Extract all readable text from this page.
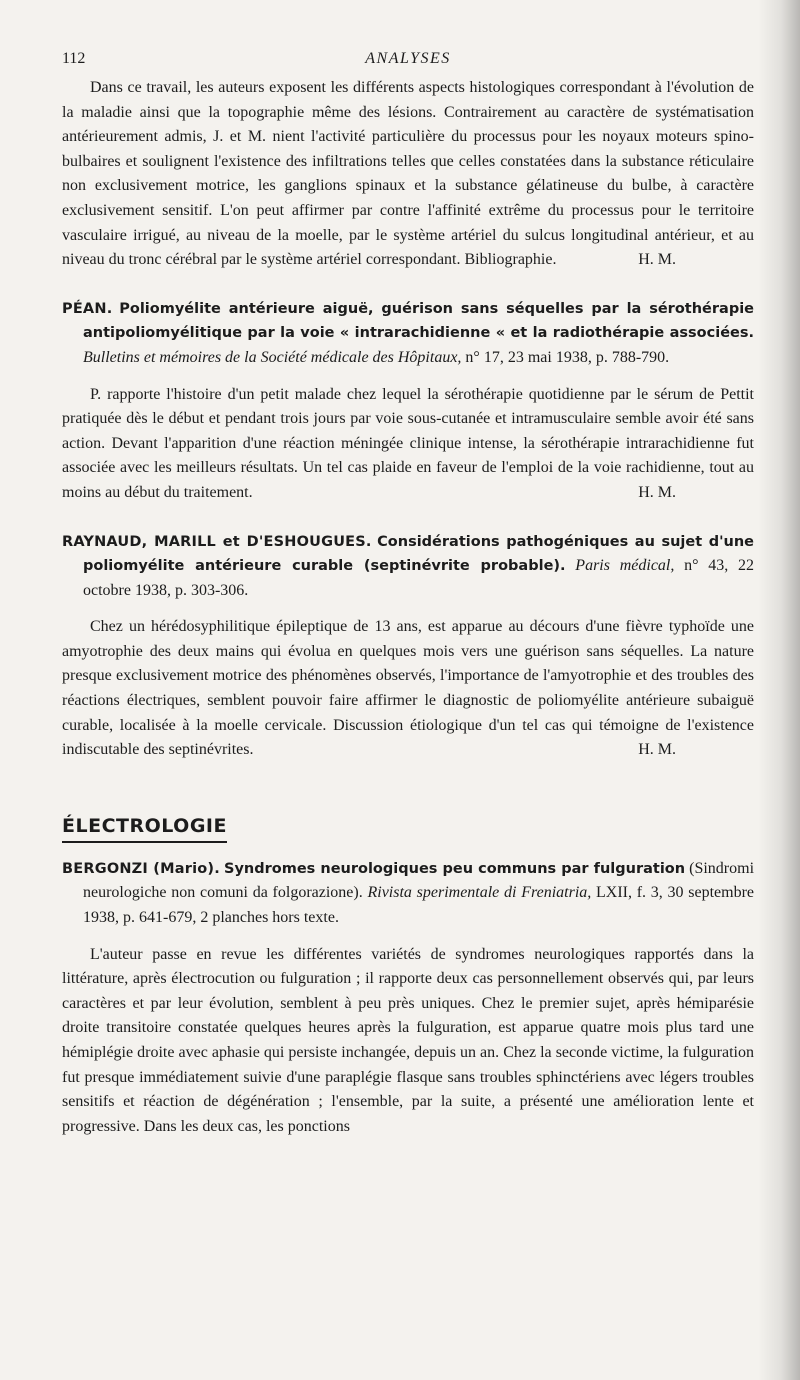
112	ANALYSES

Dans ce travail, les auteurs exposent les différents aspects histologiques correspondant à l'évolution de la maladie ainsi que la topographie même des lésions. Contrairement au caractère de systématisation antérieurement admis, J. et M. nient l'activité particulière du processus pour les noyaux moteurs spino-bulbaires et soulignent l'existence des infiltrations telles que celles constatées dans la substance réticulaire non exclusivement motrice, les ganglions spinaux et la substance gélatineuse du bulbe, à caractère exclusivement sensitif. L'on peut affirmer par contre l'affinité extrême du processus pour le territoire vasculaire irrigué, au niveau de la moelle, par le système artériel du sulcus longitudinal antérieur, et au niveau du tronc cérébral par le système artériel correspondant. Bibliographie.	H. M.

PÉAN. Poliomyélite antérieure aiguë, guérison sans séquelles par la sérothérapie antipoliomyélitique par la voie « intrarachidienne « et la radiothérapie associées. Bulletins et mémoires de la Société médicale des Hôpitaux, n° 17, 23 mai 1938, p. 788-790.

P. rapporte l'histoire d'un petit malade chez lequel la sérothérapie quotidienne par le sérum de Pettit pratiquée dès le début et pendant trois jours par voie sous-cutanée et intramusculaire semble avoir été sans action. Devant l'apparition d'une réaction méningée clinique intense, la sérothérapie intrarachidienne fut associée avec les meilleurs résultats. Un tel cas plaide en faveur de l'emploi de la voie rachidienne, tout au moins au début du traitement.	H. M.

RAYNAUD, MARILL et D'ESHOUGUES. Considérations pathogéniques au sujet d'une poliomyélite antérieure curable (septinévrite probable). Paris médical, n° 43, 22 octobre 1938, p. 303-306.

Chez un hérédosyphilitique épileptique de 13 ans, est apparue au décours d'une fièvre typhoïde une amyotrophie des deux mains qui évolua en quelques mois vers une guérison sans séquelles. La nature presque exclusivement motrice des phénomènes observés, l'importance de l'amyotrophie et des troubles des réactions électriques, semblent pouvoir faire affirmer le diagnostic de poliomyélite antérieure subaiguë curable, localisée à la moelle cervicale. Discussion étiologique d'un tel cas qui témoigne de l'existence indiscutable des septinévrites.	H. M.

ÉLECTROLOGIE

BERGONZI (Mario). Syndromes neurologiques peu communs par fulguration (Sindromi neurologiche non comuni da folgorazione). Rivista sperimentale di Freniatria, LXII, f. 3, 30 septembre 1938, p. 641-679, 2 planches hors texte.

L'auteur passe en revue les différentes variétés de syndromes neurologiques rapportés dans la littérature, après électrocution ou fulguration ; il rapporte deux cas personnellement observés qui, par leurs caractères et par leur évolution, semblent à peu près uniques. Chez le premier sujet, après hémiparésie droite transitoire constatée quelques heures après la fulguration, est apparue quatre mois plus tard une hémiplégie droite avec aphasie qui persiste inchangée, depuis un an. Chez la seconde victime, la fulguration fut presque immédiatement suivie d'une paraplégie flasque sans troubles sphinctériens avec légers troubles sensitifs et réaction de dégénération ; l'ensemble, par la suite, a présenté une amélioration lente et progressive. Dans les deux cas, les ponctions
